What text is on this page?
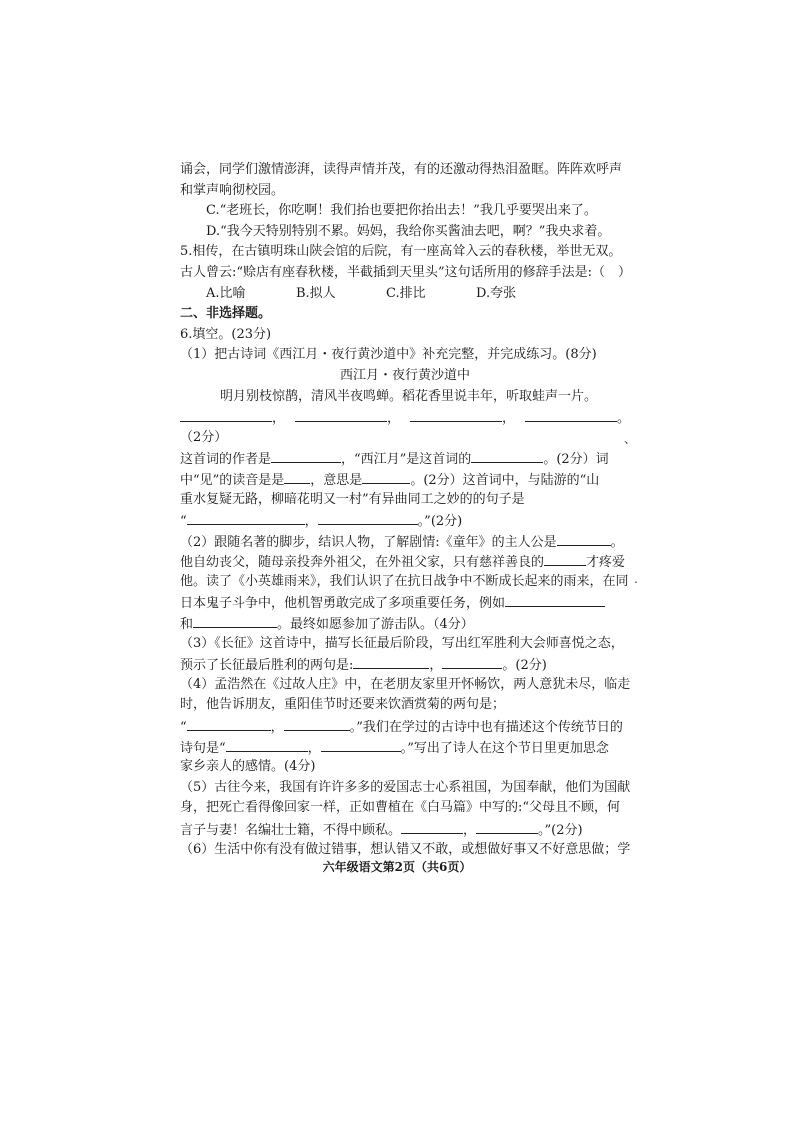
诵会，同学们激情澎湃，读得声情并茂，有的还激动得热泪盈眶。阵阵欢呼声
和掌声响彻校园。
C.“老班长，你吃啊！我们抬也要把你抬出去！”我几乎要哭出来了。
D.“我今天特别特别不累。妈妈，我给你买酱油去吧，啊？”我央求着。
5.相传，在古镇明珠山陕会馆的后院，有一座高耸入云的春秋楼，举世无双。
古人曾云:“赊店有座春秋楼，半截插到天里头”这句话所用的修辞手法是:（　）
A.比喻	B.拟人	C.排比	D.夸张
二、非选择题。
6.填空。(23分)
（1）把古诗词《西江月・夜行黄沙道中》补充完整，并完成练习。(8分)
西江月・夜行黄沙道中
明月别枝惊鹊，清风半夜鸣蝉。稻花香里说丰年，听取蛙声一片。
，	，	，	。
（2分）
这首词的作者是	，“西江月”是这首词的	。(2分）词
中“见”的读音是是 ，意思是	。(2分）这首词中，与陆游的“山
重水复疑无路，柳暗花明又一村”有异曲同工之妙的的句子是
“	，	。”(2分)
（2）跟随名著的脚步，结识人物，了解剧情:《童年》的主人公是	。
他自幼丧父，随母亲投奔外祖父，在外祖父家，只有慈祥善良的	才疼爱
他。读了《小英雄雨来》，我们认识了在抗日战争中不断成长起来的雨来，在同
日本鬼子斗争中，他机智勇敢完成了多项重要任务，例如
和	。最终如愿参加了游击队。（4分）
（3）《长征》这首诗中，描写长征最后阶段，写出红军胜利大会师喜悦之态，
预示了长征最后胜利的两句是:	，	。(2分)
（4）孟浩然在《过故人庄》中，在老朋友家里开怀畅饮，两人意犹未尽，临走
时，他告诉朋友，重阳佳节时还要来饮酒赏菊的两句是；
“	，	。”我们在学过的古诗中也有描述这个传统节日的
诗句是“	，	。”写出了诗人在这个节日里更加思念
家乡亲人的感情。(4分)
（5）古往今来，我国有许许多多的爱国志士心系祖国，为国奉献，他们为国献
身，把死亡看得像回家一样，正如曹植在《白马篇》中写的:“父母且不顾，何
言子与妻！名编壮士籍，不得中顾私。	，	。”(2分)
（6）生活中你有没有做过错事，想认错又不敢，或想做好事又不好意思做；学
、
.
六年级语文第2页（共6页）
